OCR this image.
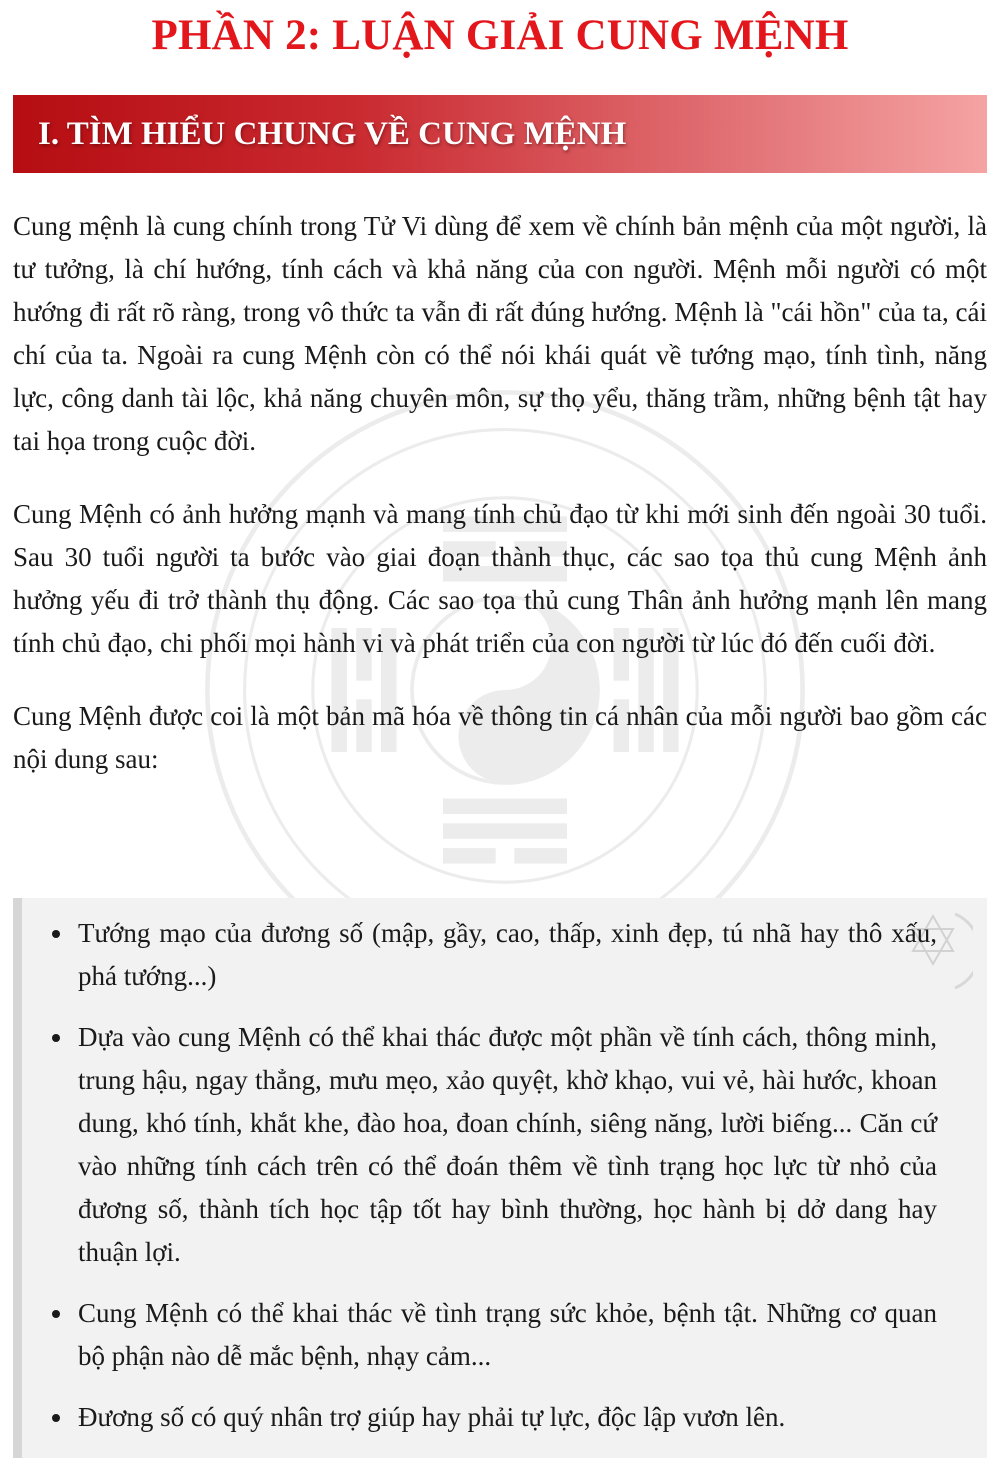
PHẦN 2: LUẬN GIẢI CUNG MỆNH
I. TÌM HIỂU CHUNG VỀ CUNG MỆNH

Cung mệnh là cung chính trong Tử Vi dùng để xem về chính bản mệnh của một người, là tư tưởng, là chí hướng, tính cách và khả năng của con người. Mệnh mỗi người có một hướng đi rất rõ ràng, trong vô thức ta vẫn đi rất đúng hướng. Mệnh là "cái hồn" của ta, cái chí của ta. Ngoài ra cung Mệnh còn có thể nói khái quát về tướng mạo, tính tình, năng lực, công danh tài lộc, khả năng chuyên môn, sự thọ yểu, thăng trầm, những bệnh tật hay tai họa trong cuộc đời.

Cung Mệnh có ảnh hưởng mạnh và mang tính chủ đạo từ khi mới sinh đến ngoài 30 tuổi. Sau 30 tuổi người ta bước vào giai đoạn thành thục, các sao tọa thủ cung Mệnh ảnh hưởng yếu đi trở thành thụ động. Các sao tọa thủ cung Thân ảnh hưởng mạnh lên mang tính chủ đạo, chi phối mọi hành vi và phát triển của con người từ lúc đó đến cuối đời.

Cung Mệnh được coi là một bản mã hóa về thông tin cá nhân của mỗi người bao gồm các nội dung sau:

Tướng mạo của đương số (mập, gầy, cao, thấp, xinh đẹp, tú nhã hay thô xấu, phá tướng...)
Dựa vào cung Mệnh có thể khai thác được một phần về tính cách, thông minh, trung hậu, ngay thẳng, mưu mẹo, xảo quyệt, khờ khạo, vui vẻ, hài hước, khoan dung, khó tính, khắt khe, đào hoa, đoan chính, siêng năng, lười biếng... Căn cứ vào những tính cách trên có thể đoán thêm về tình trạng học lực từ nhỏ của đương số, thành tích học tập tốt hay bình thường, học hành bị dở dang hay thuận lợi.
Cung Mệnh có thể khai thác về tình trạng sức khỏe, bệnh tật. Những cơ quan bộ phận nào dễ mắc bệnh, nhạy cảm...
Đương số có quý nhân trợ giúp hay phải tự lực, độc lập vươn lên.
